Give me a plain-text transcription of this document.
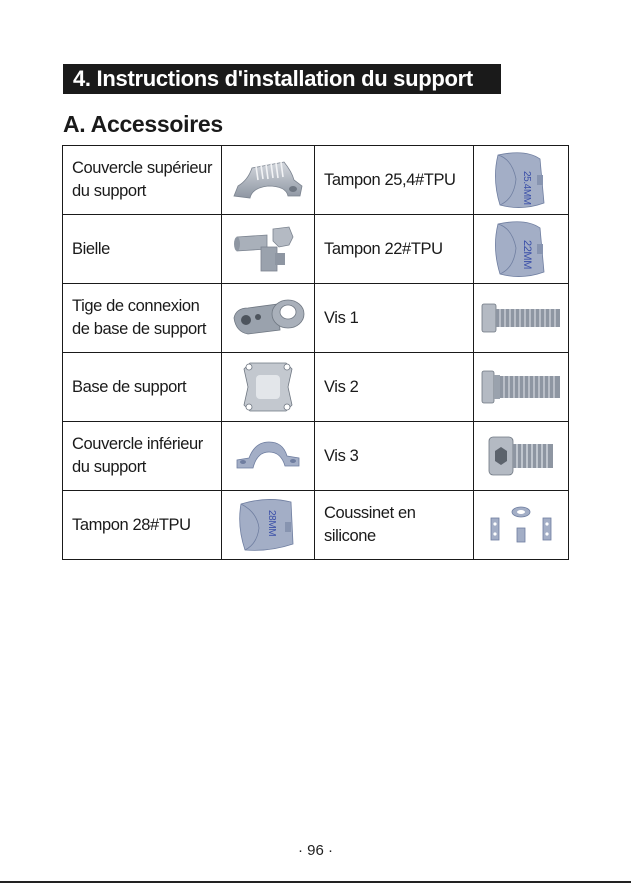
4. Instructions d'installation du support
A. Accessoires
Couvercle supérieur du support		Tampon 25,4#TPU	25.4MM

Bielle		Tampon 22#TPU	22MM

Tige de connexion de base de support		Vis 1	

Base de support		Vis 2	

Couvercle inférieur du support		Vis 3	

Tampon 28#TPU	28MM	Coussinet en silicone	
· 96 ·
